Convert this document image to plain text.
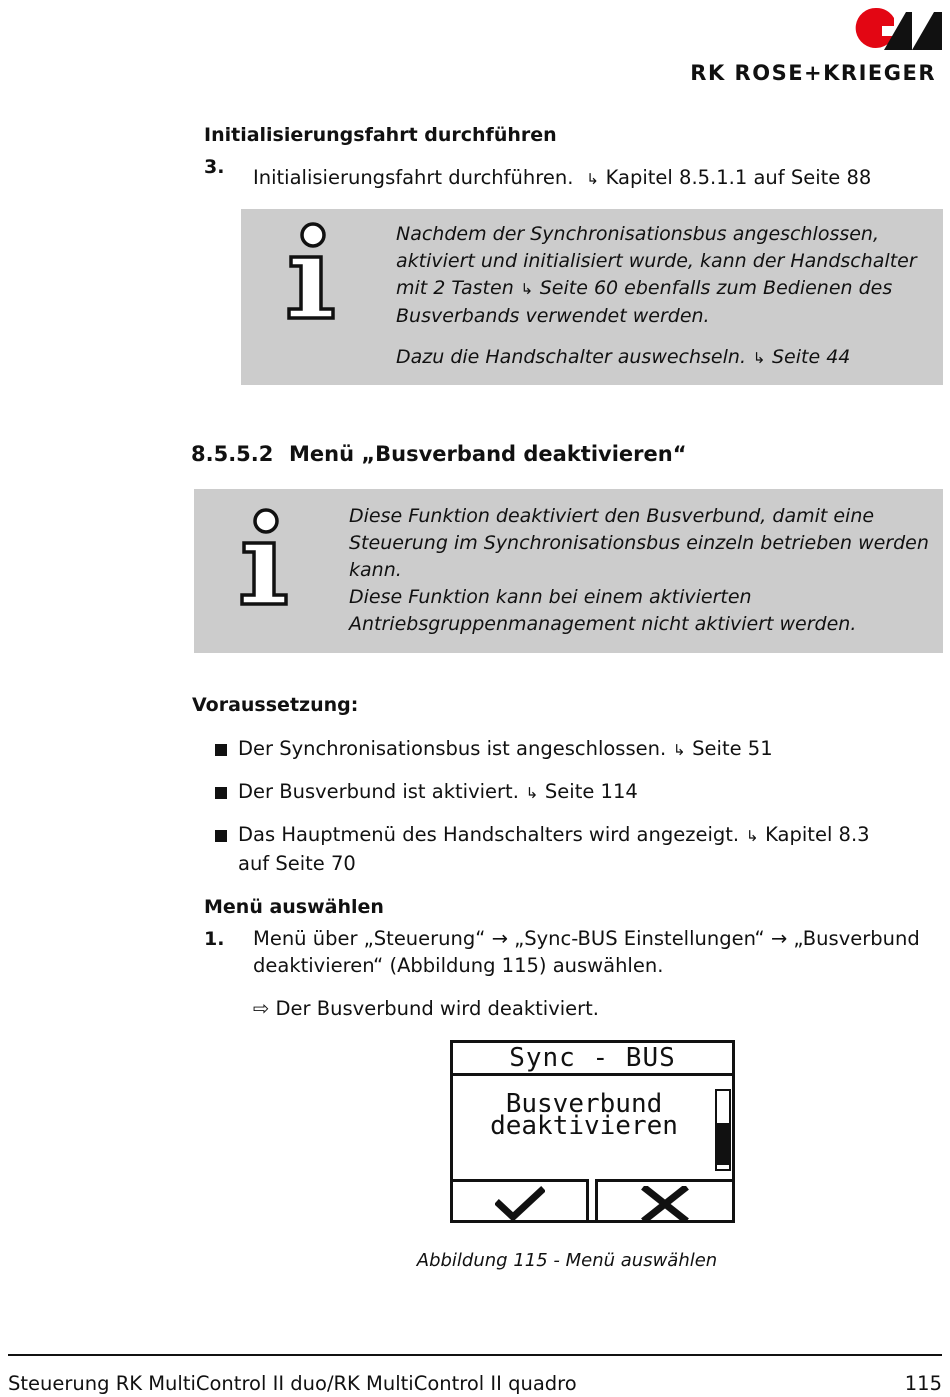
RK ROSE+KRIEGER
Initialisierungsfahrt durchführen
3. Initialisierungsfahrt durchführen. ↳ Kapitel 8.5.1.1 auf Seite 88
Nachdem der Synchronisationsbus angeschlossen,
aktiviert und initialisiert wurde, kann der Handschalter
mit 2 Tasten ↳ Seite 60 ebenfalls zum Bedienen des
Busverbands verwendet werden.
Dazu die Handschalter auswechseln. ↳ Seite 44
8.5.5.2 Menü „Busverband deaktivieren“
Diese Funktion deaktiviert den Busverbund, damit eine
Steuerung im Synchronisationsbus einzeln betrieben werden
kann.
Diese Funktion kann bei einem aktivierten
Antriebsgruppenmanagement nicht aktiviert werden.
Voraussetzung:
Der Synchronisationsbus ist angeschlossen. ↳ Seite 51
Der Busverbund ist aktiviert. ↳ Seite 114
Das Hauptmenü des Handschalters wird angezeigt. ↳ Kapitel 8.3
auf Seite 70
Menü auswählen
1. Menü über „Steuerung“ → „Sync-BUS Einstellungen“ → „Busverbund
deaktivieren“ (Abbildung 115) auswählen.
⇨ Der Busverbund wird deaktiviert.
Sync - BUS
Busverbund
deaktivieren
Abbildung 115 - Menü auswählen
Steuerung RK MultiControl II duo/RK MultiControl II quadro	115
